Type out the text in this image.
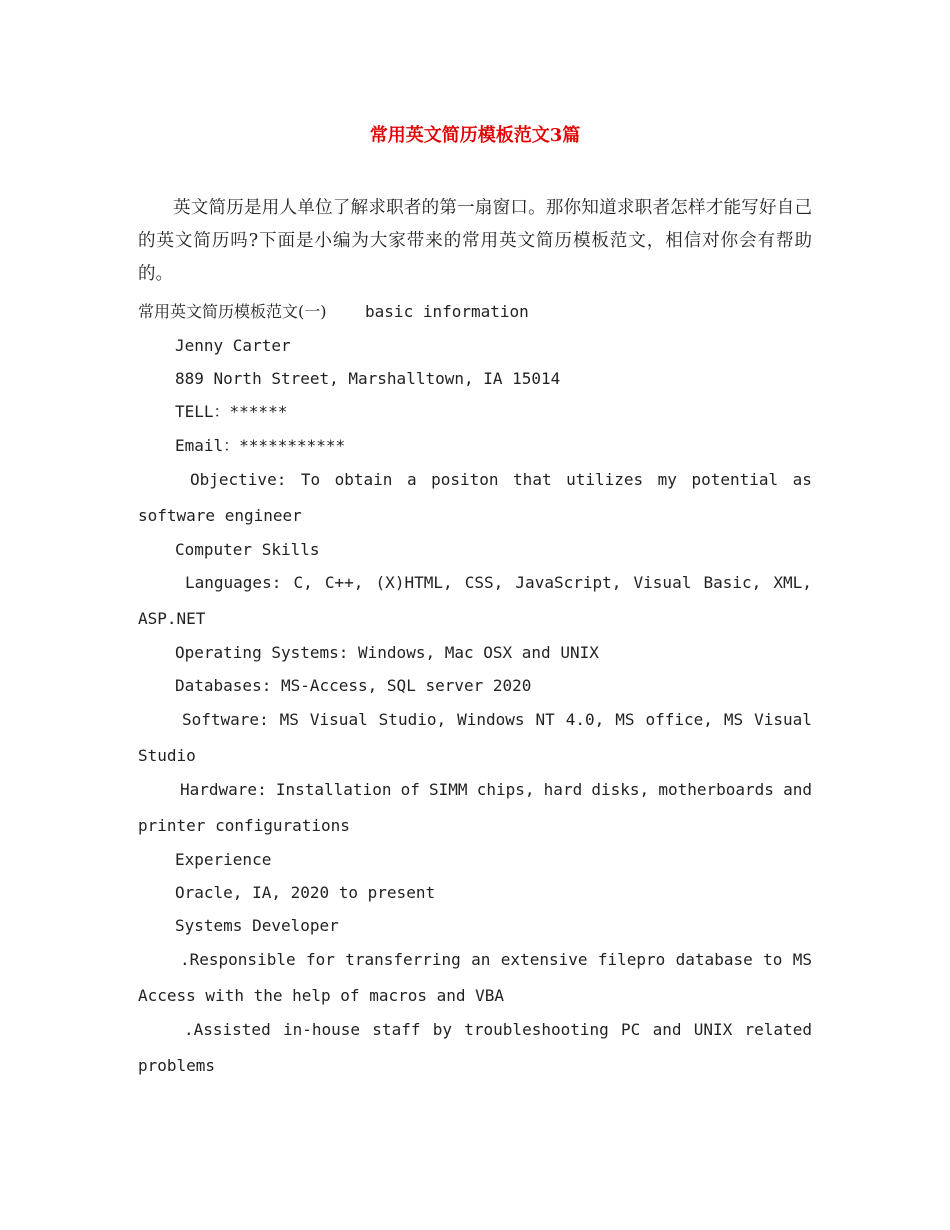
常用英文简历模板范文3篇
英文简历是用人单位了解求职者的第一扇窗口。那你知道求职者怎样才能写好自己的英文简历吗?下面是小编为大家带来的常用英文简历模板范文，相信对你会有帮助的。
常用英文简历模板范文(一) basic information
Jenny Carter
889 North Street, Marshalltown, IA 15014
TELL：******
Email：***********
Objective: To obtain a positon that utilizes my potential as
software engineer
Computer Skills
Languages: C, C++, (X)HTML, CSS, JavaScript, Visual Basic, XML,
ASP.NET
Operating Systems: Windows, Mac OSX and UNIX
Databases: MS-Access, SQL server 2020
Software: MS Visual Studio, Windows NT 4.0, MS office, MS Visual
Studio
Hardware: Installation of SIMM chips, hard disks, motherboards and
printer configurations
Experience
Oracle, IA, 2020 to present
Systems Developer
.Responsible for transferring an extensive filepro database to MS
Access with the help of macros and VBA
.Assisted in-house staff by troubleshooting PC and UNIX related
problems
